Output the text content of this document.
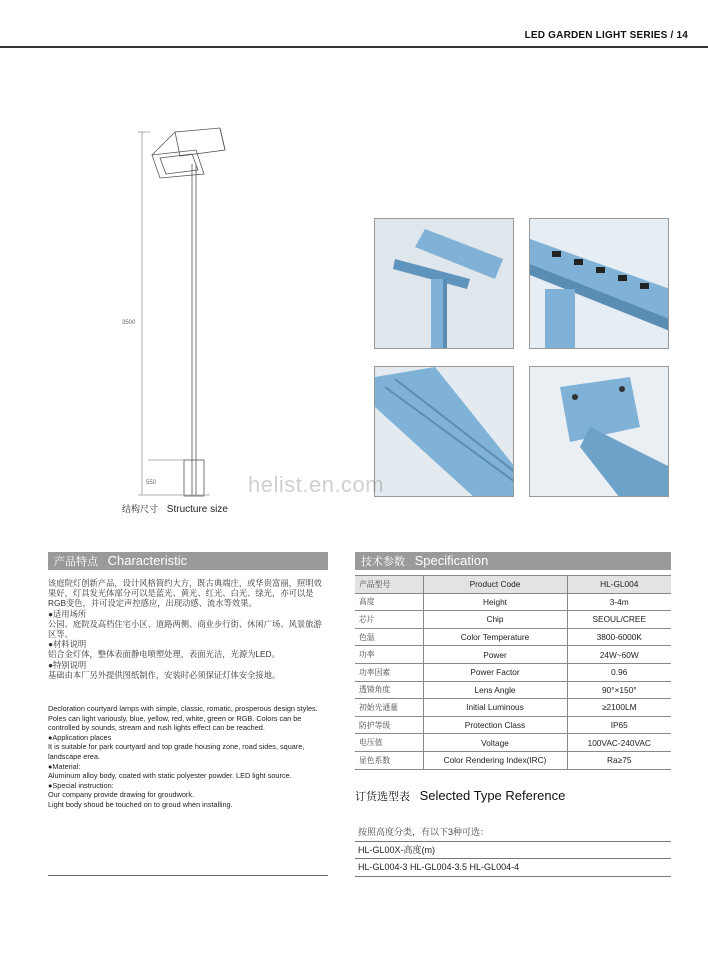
LED GARDEN LIGHT SERIES / 14
3500
550
结构尺寸 Structure size
helist.en.com
产品特点 Characteristic
该庭院灯创新产品，设计风格简约大方，既古典端庄，或华贵富丽，照明效果好，灯具发光体部分可以是蓝光、黄光、红光、白光、绿光，亦可以是RGB变色，并可设定声控感应，出现动感、流水等效果。
●适用场所
公园、庭院及高档住宅小区、道路两侧、商业步行街、休闲广场、风景旅游区等。
●材料说明
铝合金灯体，整体表面静电喷塑处理，表面光洁，光源为LED。
●特别说明
基础由本厂另外提供图纸制作，安装时必须保证灯体安全接地。
Decloration courtyard lamps with simple, classic, romatic, prosperous design styles. Poles can light variously, blue, yellow, red, white, green or RGB. Colors can be controlled by sounds, stream and rush lights effect can be reached.
●Application places
It is suitable for park courtyard and top grade housing zone, road sides, square, landscape erea.
●Material:
Aluminum alloy body, coated with static polyester powder. LED light source.
●Special instruction:
Our company provide drawing for groudwork.
Light body shoud be touched on to groud when installing.
技术参数 Specification
产品型号	Product Code	HL-GL004
高度	Height	3-4m
芯片	Chip	SEOUL/CREE
色温	Color Temperature	3800-6000K
功率	Power	24W~60W
功率因素	Power Factor	0.96
透镜角度	Lens Angle	90°×150°
初始光通量	Initial Luminous	≥2100LM
防护等级	Protection Class	IP65
电压值	Voltage	100VAC-240VAC
显色系数	Color Rendering Index(IRC)	Ra≥75
订货选型表 Selected Type Reference
按照高度分类，有以下3种可选：
HL-GL00X-高度(m)
HL-GL004-3 HL-GL004-3.5 HL-GL004-4
